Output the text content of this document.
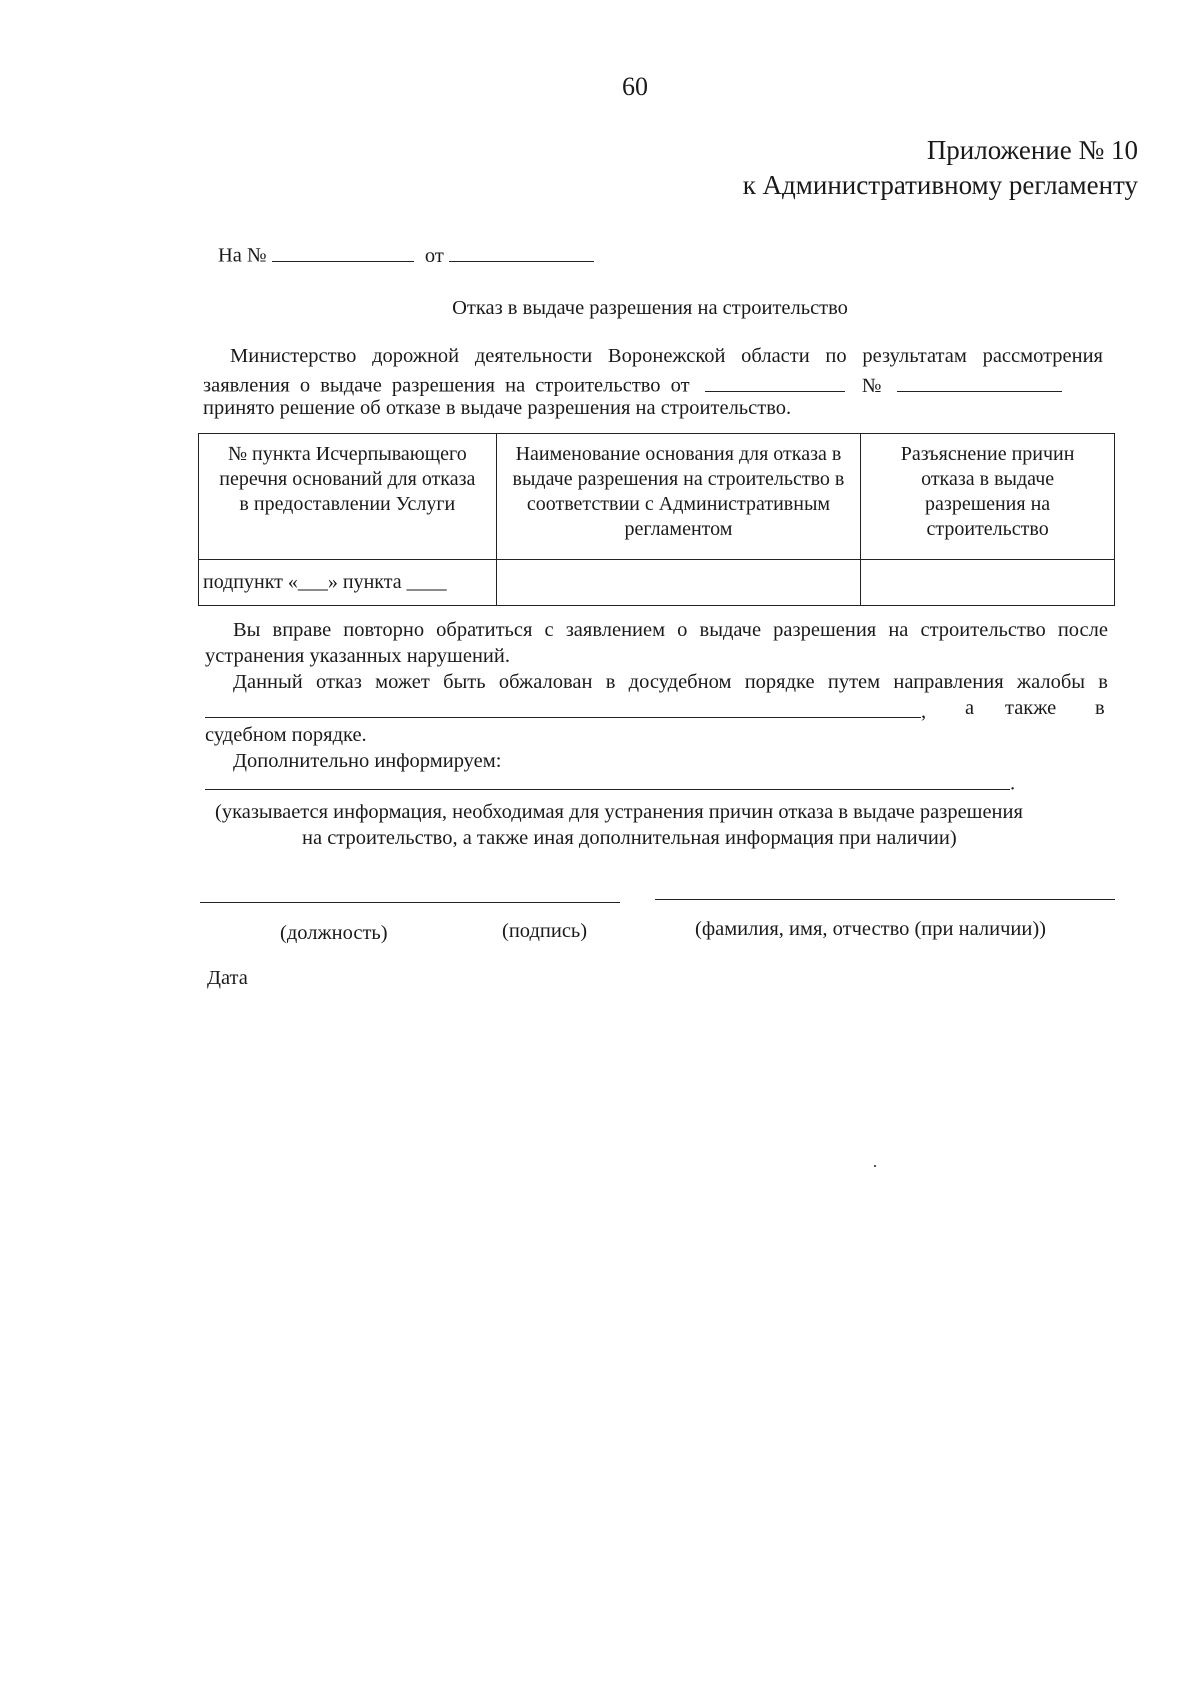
60
Приложение № 10
к Административному регламенту
На №	от
Отказ в выдаче разрешения на строительство
Министерство дорожной деятельности Воронежской области по результатам рассмотрения
заявления о выдаче разрешения на строительство от	№
принято решение об отказе в выдаче разрешения на строительство.
№ пункта Исчерпывающего перечня оснований для отказа в предоставлении Услуги	Наименование основания для отказа в выдаче разрешения на строительство в соответствии с Административным регламентом	Разъяснение причин отказа в выдаче разрешения на строительство
подпункт «___» пункта ____		
Вы вправе повторно обратиться с заявлением о выдаче разрешения на строительство после
устранения указанных нарушений.
Данный отказ может быть обжалован в досудебном порядке путем направления жалобы в
, а также в
судебном порядке.
Дополнительно информируем:
.
(указывается информация, необходимая для устранения причин отказа в выдаче разрешения
на строительство, а также иная дополнительная информация при наличии)
(должность)	(подпись)	(фамилия, имя, отчество (при наличии))
Дата
